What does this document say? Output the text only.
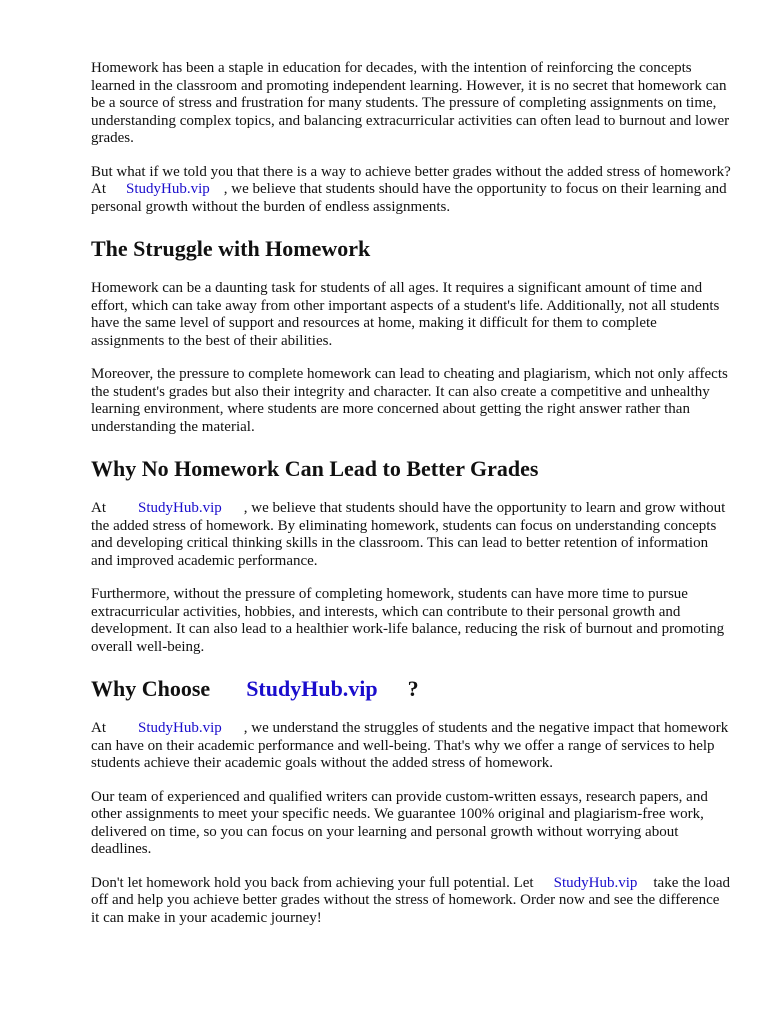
Homework has been a staple in education for decades, with the intention of reinforcing the concepts learned in the classroom and promoting independent learning. However, it is no secret that homework can be a source of stress and frustration for many students. The pressure of completing assignments on time, understanding complex topics, and balancing extracurricular activities can often lead to burnout and lower grades.

But what if we told you that there is a way to achieve better grades without the added stress of homework? At StudyHub.vip , we believe that students should have the opportunity to focus on their learning and personal growth without the burden of endless assignments.

The Struggle with Homework

Homework can be a daunting task for students of all ages. It requires a significant amount of time and effort, which can take away from other important aspects of a student's life. Additionally, not all students have the same level of support and resources at home, making it difficult for them to complete assignments to the best of their abilities.

Moreover, the pressure to complete homework can lead to cheating and plagiarism, which not only affects the student's grades but also their integrity and character. It can also create a competitive and unhealthy learning environment, where students are more concerned about getting the right answer rather than understanding the material.

Why No Homework Can Lead to Better Grades

At StudyHub.vip , we believe that students should have the opportunity to learn and grow without the added stress of homework. By eliminating homework, students can focus on understanding concepts and developing critical thinking skills in the classroom. This can lead to better retention of information and improved academic performance.

Furthermore, without the pressure of completing homework, students can have more time to pursue extracurricular activities, hobbies, and interests, which can contribute to their personal growth and development. It can also lead to a healthier work-life balance, reducing the risk of burnout and promoting overall well-being.

Why Choose StudyHub.vip ?

At StudyHub.vip , we understand the struggles of students and the negative impact that homework can have on their academic performance and well-being. That's why we offer a range of services to help students achieve their academic goals without the added stress of homework.

Our team of experienced and qualified writers can provide custom-written essays, research papers, and other assignments to meet your specific needs. We guarantee 100% original and plagiarism-free work, delivered on time, so you can focus on your learning and personal growth without worrying about deadlines.

Don't let homework hold you back from achieving your full potential. Let StudyHub.vip take the load off and help you achieve better grades without the stress of homework. Order now and see the difference it can make in your academic journey!
